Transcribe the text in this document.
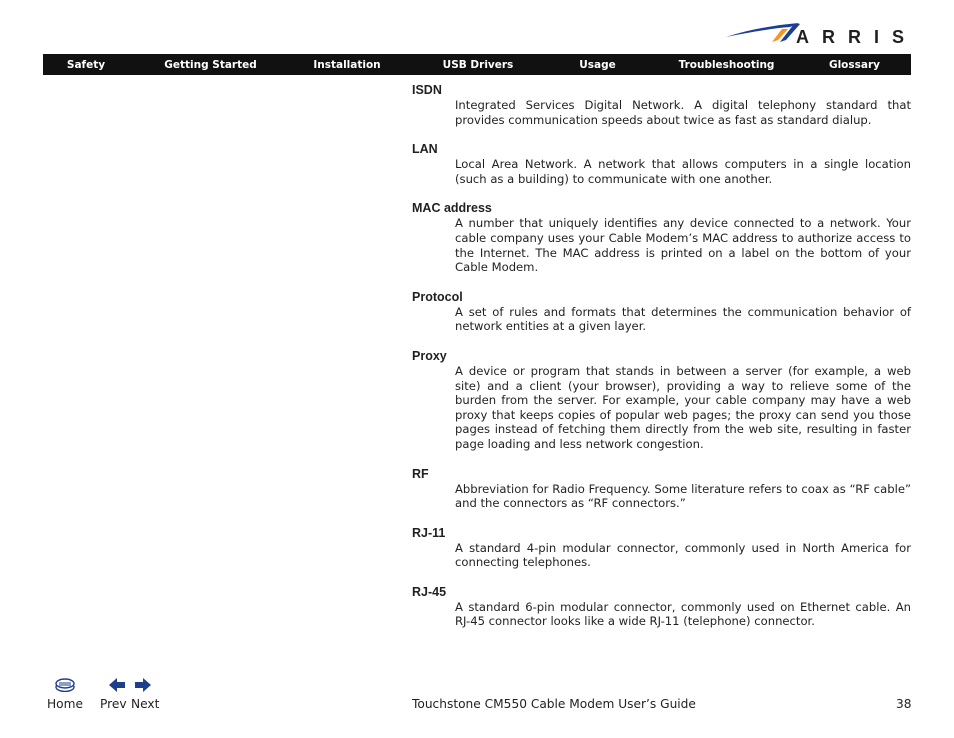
ARRIS
Safety	Getting Started	Installation	USB Drivers	Usage	Troubleshooting	Glossary
ISDN
Integrated Services Digital Network. A digital telephony standard that provides communication speeds about twice as fast as standard dialup.
LAN
Local Area Network. A network that allows computers in a single location (such as a building) to communicate with one another.
MAC address
A number that uniquely identifies any device connected to a network. Your cable company uses your Cable Modem’s MAC address to authorize access to the Internet. The MAC address is printed on a label on the bottom of your Cable Modem.
Protocol
A set of rules and formats that determines the communication behavior of network entities at a given layer.
Proxy
A device or program that stands in between a server (for example, a web site) and a client (your browser), providing a way to relieve some of the burden from the server. For example, your cable company may have a web proxy that keeps copies of popular web pages; the proxy can send you those pages instead of fetching them directly from the web site, resulting in faster page loading and less network congestion.
RF
Abbreviation for Radio Frequency. Some literature refers to coax as “RF cable” and the connectors as “RF connectors.”
RJ-11
A standard 4-pin modular connector, commonly used in North America for connecting telephones.
RJ-45
A standard 6-pin modular connector, commonly used on Ethernet cable. An RJ-45 connector looks like a wide RJ-11 (telephone) connector.
Home Prev Next	Touchstone CM550 Cable Modem User’s Guide	38
